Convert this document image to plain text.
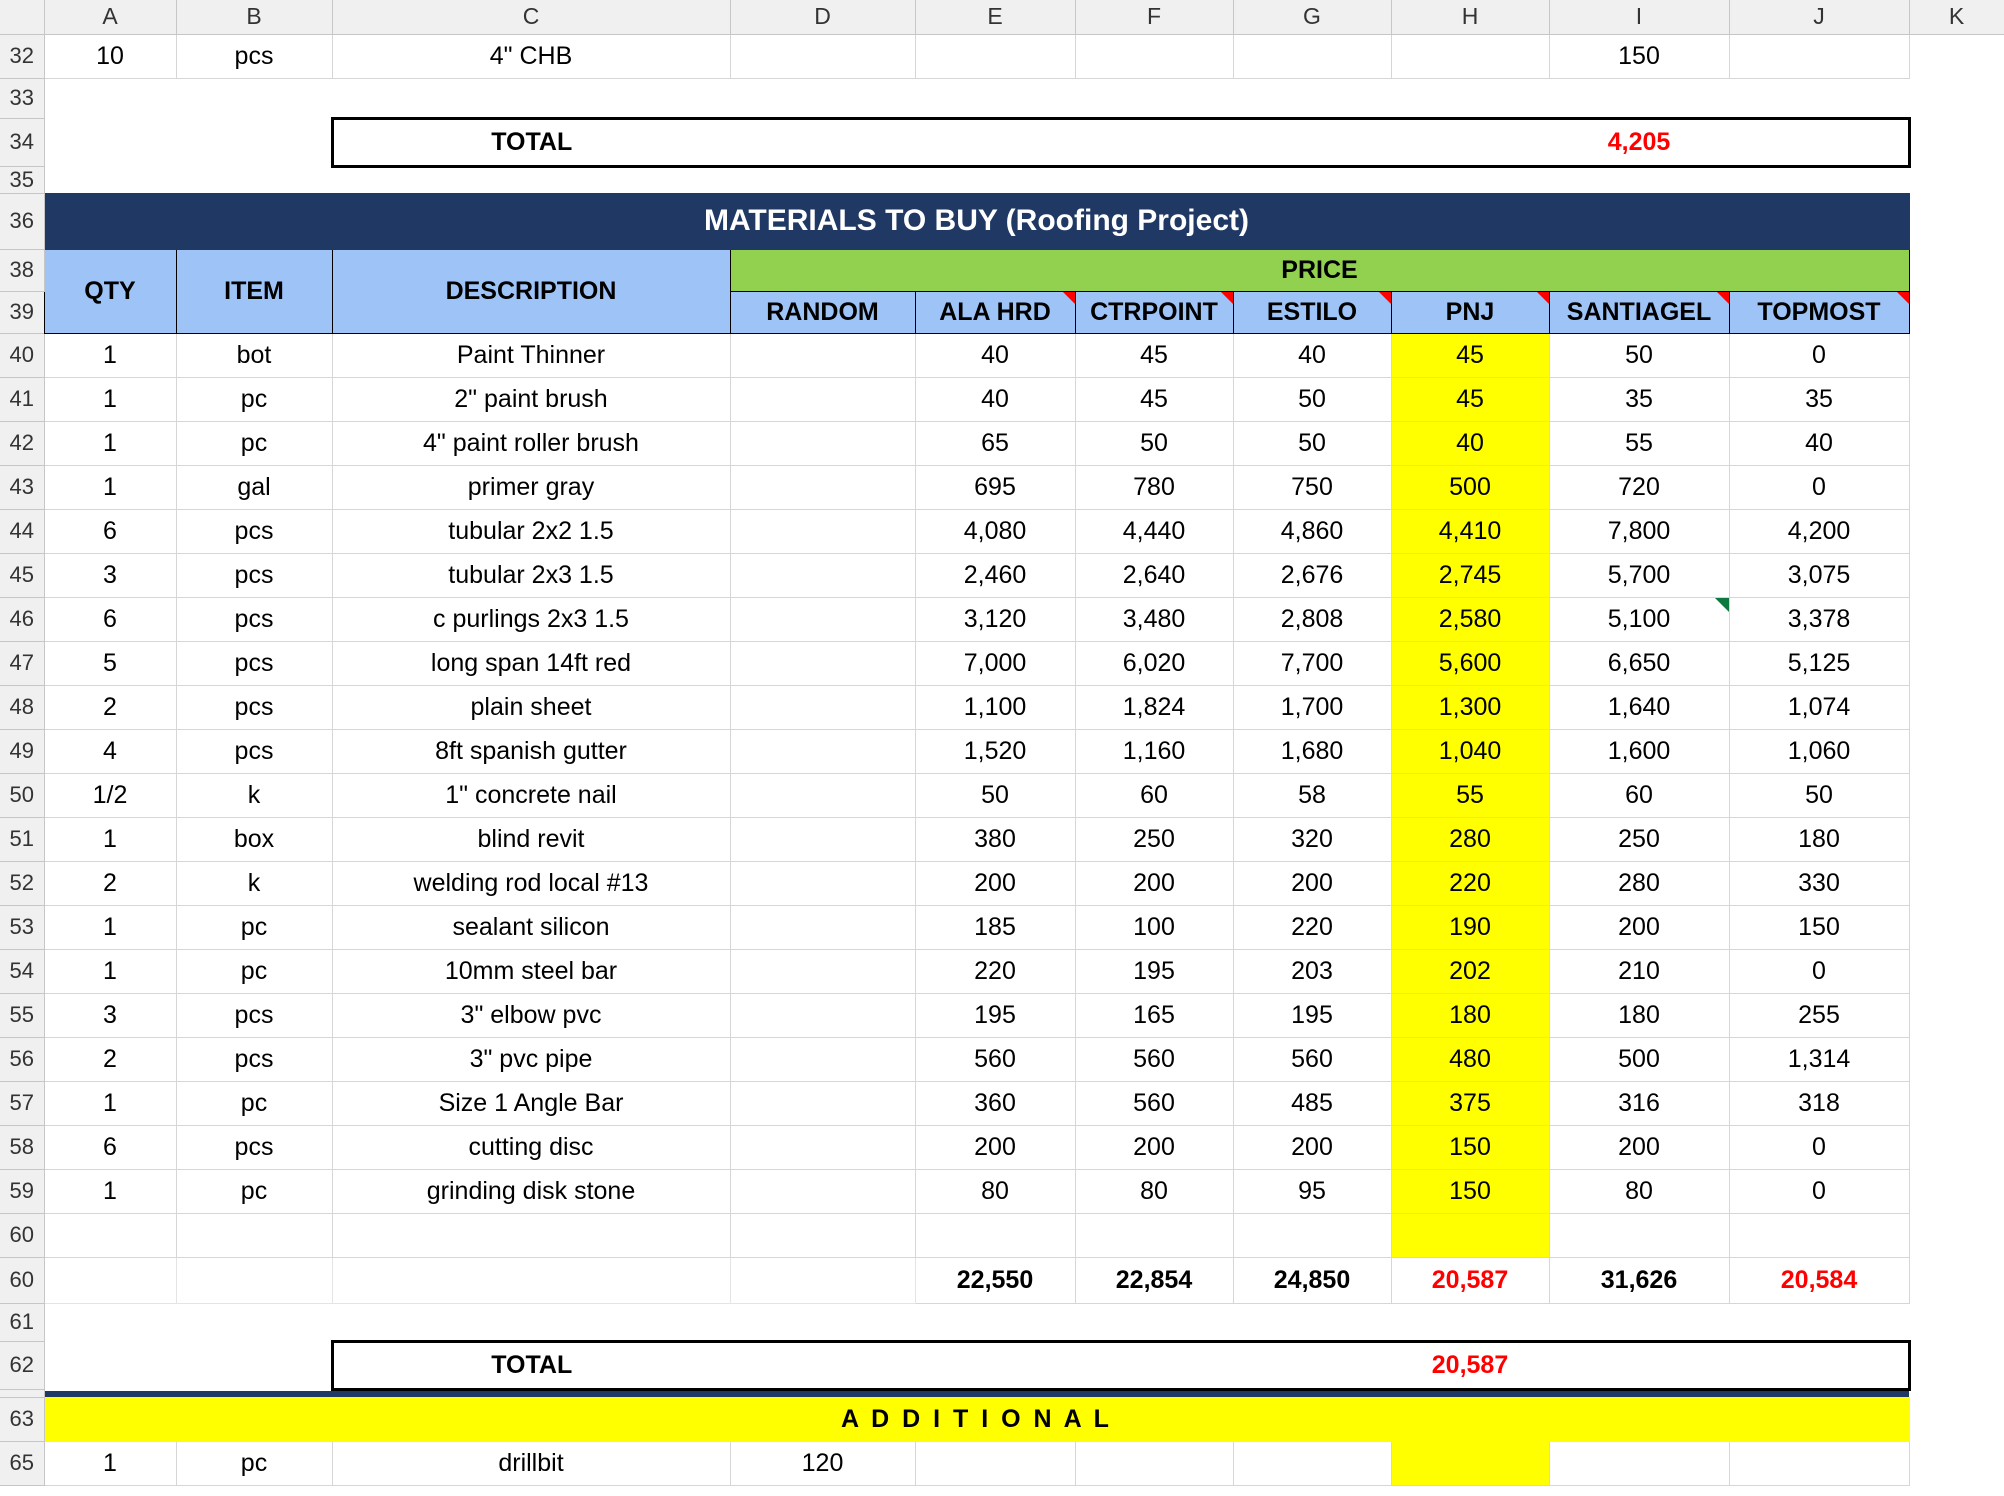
	A	B	C	D	E	F	G	H	I	J	K
32	10	pcs	4" CHB						150		
33											
34			TOTAL						4,205		
35											
36	MATERIALS TO BUY (Roofing Project)										
38	QTY	ITEM	DESCRIPTION	PRICE							
39				RANDOM	ALA HRD	CTRPOINT	ESTILO	PNJ	SANTIAGEL	TOPMOST	
40	1	bot	Paint Thinner		40	45	40	45	50	0	
41	1	pc	2" paint brush		40	45	50	45	35	35	
42	1	pc	4" paint roller brush		65	50	50	40	55	40	
43	1	gal	primer gray		695	780	750	500	720	0	
44	6	pcs	tubular 2x2 1.5		4,080	4,440	4,860	4,410	7,800	4,200	
45	3	pcs	tubular 2x3 1.5		2,460	2,640	2,676	2,745	5,700	3,075	
46	6	pcs	c purlings 2x3 1.5		3,120	3,480	2,808	2,580	5,100	3,378	
47	5	pcs	long span 14ft red		7,000	6,020	7,700	5,600	6,650	5,125	
48	2	pcs	plain sheet		1,100	1,824	1,700	1,300	1,640	1,074	
49	4	pcs	8ft spanish gutter		1,520	1,160	1,680	1,040	1,600	1,060	
50	1/2	k	1" concrete nail		50	60	58	55	60	50	
51	1	box	blind revit		380	250	320	280	250	180	
52	2	k	welding rod local #13		200	200	200	220	280	330	
53	1	pc	sealant silicon		185	100	220	190	200	150	
54	1	pc	10mm steel bar		220	195	203	202	210	0	
55	3	pcs	3" elbow pvc		195	165	195	180	180	255	
56	2	pcs	3" pvc pipe		560	560	560	480	500	1,314	
57	1	pc	Size 1 Angle Bar		360	560	485	375	316	318	
58	6	pcs	cutting disc		200	200	200	150	200	0	
59	1	pc	grinding disk stone		80	80	95	150	80	0	
60											
60					22,550	22,854	24,850	20,587	31,626	20,584	
61											
62			TOTAL					20,587			

63	A D D I T I O N A L										
65	1	pc	drillbit	120							
